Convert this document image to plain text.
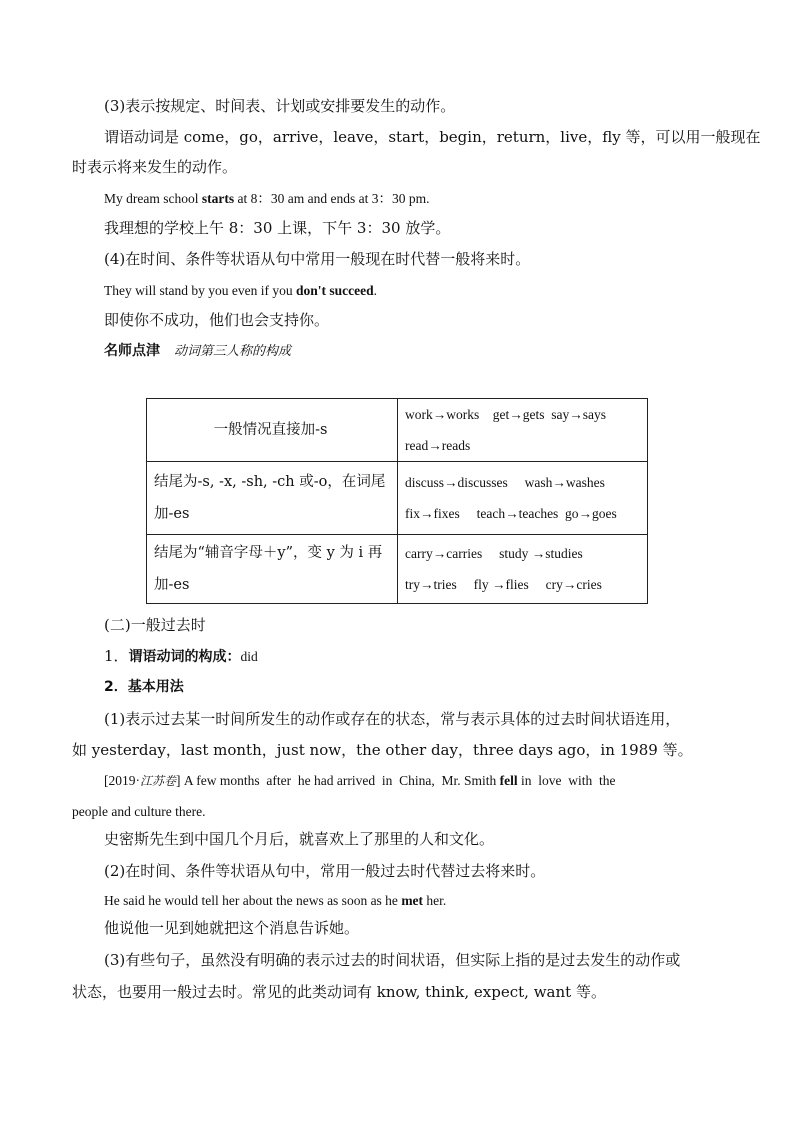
(3)表示按规定、时间表、计划或安排要发生的动作。
谓语动词是 come，go，arrive，leave，start，begin，return，live，fly 等，可以用一般现在
时表示将来发生的动作。
My dream school starts at 8：30 am and ends at 3：30 pm.
我理想的学校上午 8：30 上课，下午 3：30 放学。
(4)在时间、条件等状语从句中常用一般现在时代替一般将来时。
They will stand by you even if you don't succeed.
即使你不成功，他们也会支持你。
名师点津 动词第三人称的构成
一般情况直接加-s	work→works    get→gets  say→says
read→reads

结尾为-s, -x, -sh, -ch 或-o，在词尾加-es	discuss→discusses     wash→washes
fix→fixes     teach→teaches  go→goes

结尾为“辅音字母＋y”，变 y 为 i 再加-es	carry→carries     study →studies
try→tries     fly →flies     cry→cries
(二)一般过去时
1．谓语动词的构成：did
2．基本用法
(1)表示过去某一时间所发生的动作或存在的状态，常与表示具体的过去时间状语连用，
如 yesterday，last month，just now，the other day，three days ago，in 1989 等。
[2019·江苏卷] A few months  after  he had arrived  in  China,  Mr. Smith fell in  love  with  the
people and culture there.
史密斯先生到中国几个月后，就喜欢上了那里的人和文化。
(2)在时间、条件等状语从句中，常用一般过去时代替过去将来时。
He said he would tell her about the news as soon as he met her.
他说他一见到她就把这个消息告诉她。
(3)有些句子，虽然没有明确的表示过去的时间状语，但实际上指的是过去发生的动作或
状态，也要用一般过去时。常见的此类动词有 know, think, expect, want 等。
